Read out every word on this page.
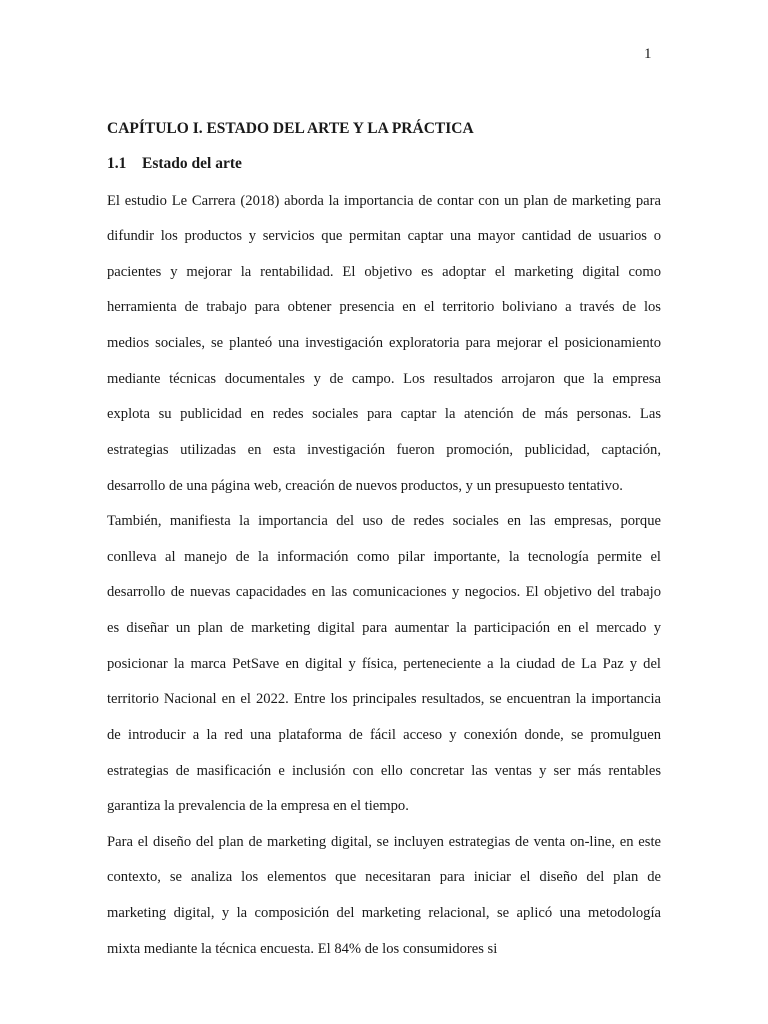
1
CAPÍTULO I. ESTADO DEL ARTE Y LA PRÁCTICA
1.1 Estado del arte
El estudio Le Carrera (2018) aborda la importancia de contar con un plan de marketing para
difundir los productos y servicios que permitan captar una mayor cantidad de usuarios o
pacientes y mejorar la rentabilidad. El objetivo es adoptar el marketing digital como
herramienta de trabajo para obtener presencia en el territorio boliviano a través de los
medios sociales, se planteó una investigación exploratoria para mejorar el posicionamiento
mediante técnicas documentales y de campo. Los resultados arrojaron que la empresa
explota su publicidad en redes sociales para captar la atención de más personas. Las
estrategias utilizadas en esta investigación fueron promoción, publicidad, captación,
desarrollo de una página web, creación de nuevos productos, y un presupuesto tentativo.
También, manifiesta la importancia del uso de redes sociales en las empresas, porque
conlleva al manejo de la información como pilar importante, la tecnología permite el
desarrollo de nuevas capacidades en las comunicaciones y negocios. El objetivo del trabajo
es diseñar un plan de marketing digital para aumentar la participación en el mercado y
posicionar la marca PetSave en digital y física, perteneciente a la ciudad de La Paz y del
territorio Nacional en el 2022. Entre los principales resultados, se encuentran la importancia
de introducir a la red una plataforma de fácil acceso y conexión donde, se promulguen
estrategias de masificación e inclusión con ello concretar las ventas y ser más rentables
garantiza la prevalencia de la empresa en el tiempo.
Para el diseño del plan de marketing digital, se incluyen estrategias de venta on-line, en este
contexto, se analiza los elementos que necesitaran para iniciar el diseño del plan de
marketing digital, y la composición del marketing relacional, se aplicó una metodología
mixta mediante la técnica encuesta. El 84% de los consumidores si
